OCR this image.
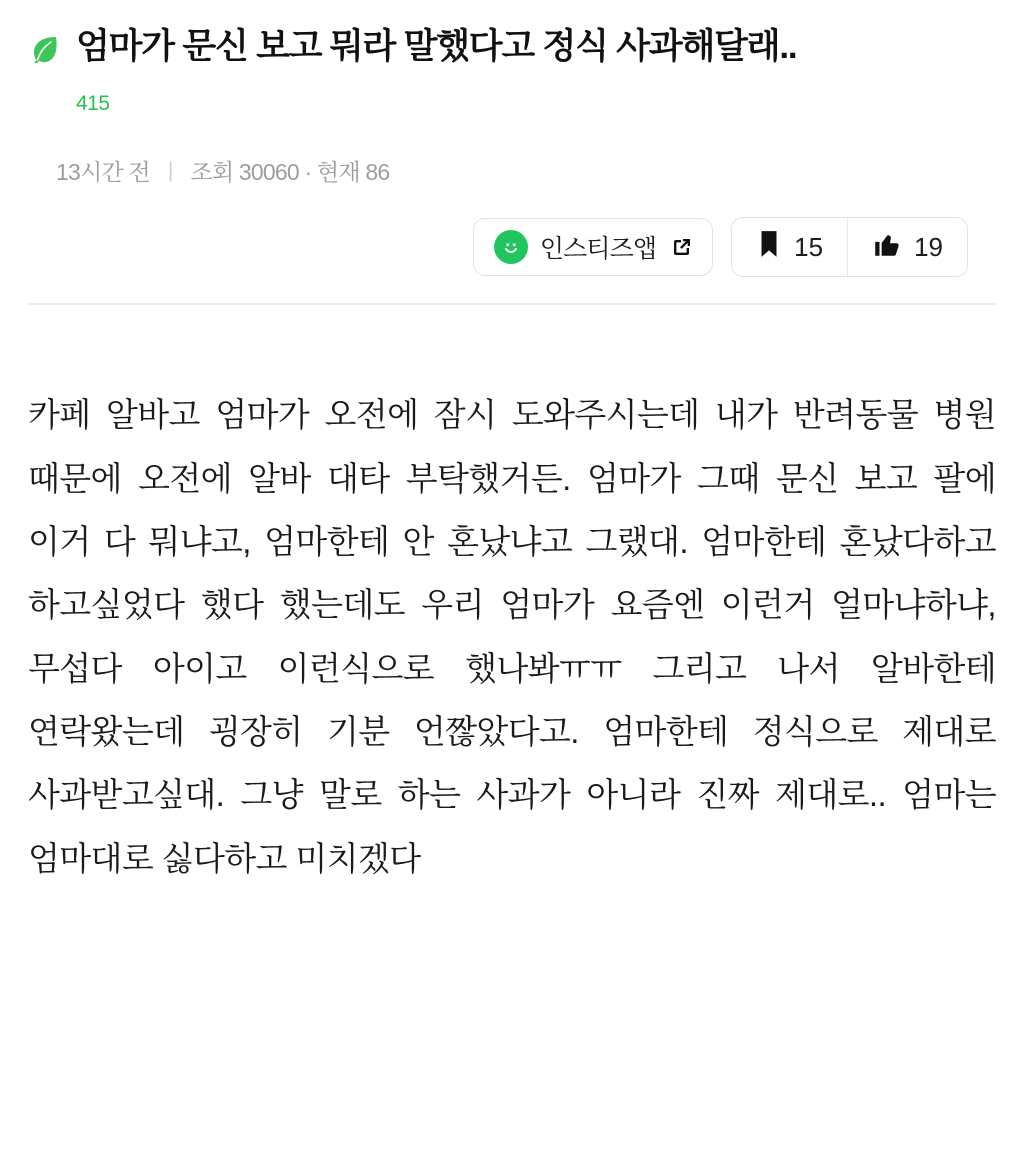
엄마가 문신 보고 뭐라 말했다고 정식 사과해달래..
415
13시간 전 | 조회 30060 · 현재 86
인스티즈앱	15	19

카페 알바고 엄마가 오전에 잠시 도와주시는데 내가 반려동물 병원 때문에 오전에 알바 대타 부탁했거든. 엄마가 그때 문신 보고 팔에 이거 다 뭐냐고, 엄마한테 안 혼났냐고 그랬대. 엄마한테 혼났다하고 하고싶었다 했다 했는데도 우리 엄마가 요즘엔 이런거 얼마냐하냐, 무섭다 아이고 이런식으로 했나봐ㅠㅠ 그리고 나서 알바한테 연락왔는데 굉장히 기분 언짢았다고. 엄마한테 정식으로 제대로 사과받고싶대. 그냥 말로 하는 사과가 아니라 진짜 제대로.. 엄마는 엄마대로 싫다하고 미치겠다
